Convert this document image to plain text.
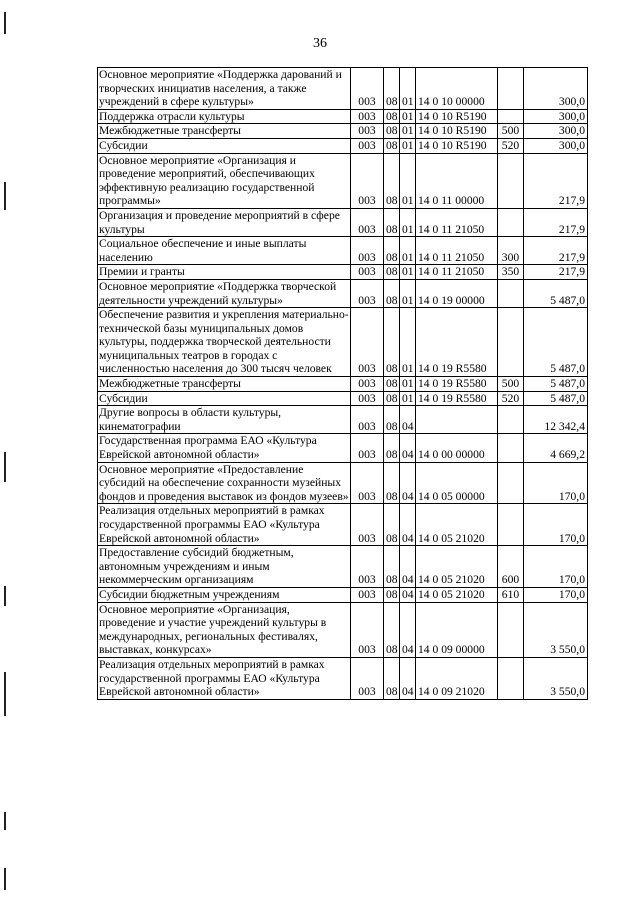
36
Основное мероприятие «Поддержка дарований и творческих инициатив населения, а также учреждений в сфере культуры»	003	08	01	14 0 10 00000		300,0
Поддержка отрасли культуры	003	08	01	14 0 10 R5190		300,0
Межбюджетные трансферты	003	08	01	14 0 10 R5190	500	300,0
Субсидии	003	08	01	14 0 10 R5190	520	300,0
Основное мероприятие «Организация и проведение мероприятий, обеспечивающих эффективную реализацию государственной программы»	003	08	01	14 0 11 00000		217,9
Организация и проведение мероприятий в сфере культуры	003	08	01	14 0 11 21050		217,9
Социальное обеспечение и иные выплаты населению	003	08	01	14 0 11 21050	300	217,9
Премии и гранты	003	08	01	14 0 11 21050	350	217,9
Основное мероприятие «Поддержка творческой деятельности учреждений культуры»	003	08	01	14 0 19 00000		5 487,0
Обеспечение развития и укрепления материально-технической базы муниципальных домов культуры, поддержка творческой деятельности муниципальных театров в городах с численностью населения до 300 тысяч человек	003	08	01	14 0 19 R5580		5 487,0
Межбюджетные трансферты	003	08	01	14 0 19 R5580	500	5 487,0
Субсидии	003	08	01	14 0 19 R5580	520	5 487,0
Другие вопросы в области культуры, кинематографии	003	08	04			12 342,4
Государственная программа ЕАО «Культура Еврейской автономной области»	003	08	04	14 0 00 00000		4 669,2
Основное мероприятие «Предоставление субсидий на обеспечение сохранности музейных фондов и проведения выставок из фондов музеев»	003	08	04	14 0 05 00000		170,0
Реализация отдельных мероприятий в рамках государственной программы ЕАО «Культура Еврейской автономной области»	003	08	04	14 0 05 21020		170,0
Предоставление субсидий бюджетным, автономным учреждениям и иным некоммерческим организациям	003	08	04	14 0 05 21020	600	170,0
Субсидии бюджетным учреждениям	003	08	04	14 0 05 21020	610	170,0
Основное мероприятие «Организация, проведение и участие учреждений культуры в международных, региональных фестивалях, выставках, конкурсах»	003	08	04	14 0 09 00000		3 550,0
Реализация отдельных мероприятий в рамках государственной программы ЕАО «Культура Еврейской автономной области»	003	08	04	14 0 09 21020		3 550,0
